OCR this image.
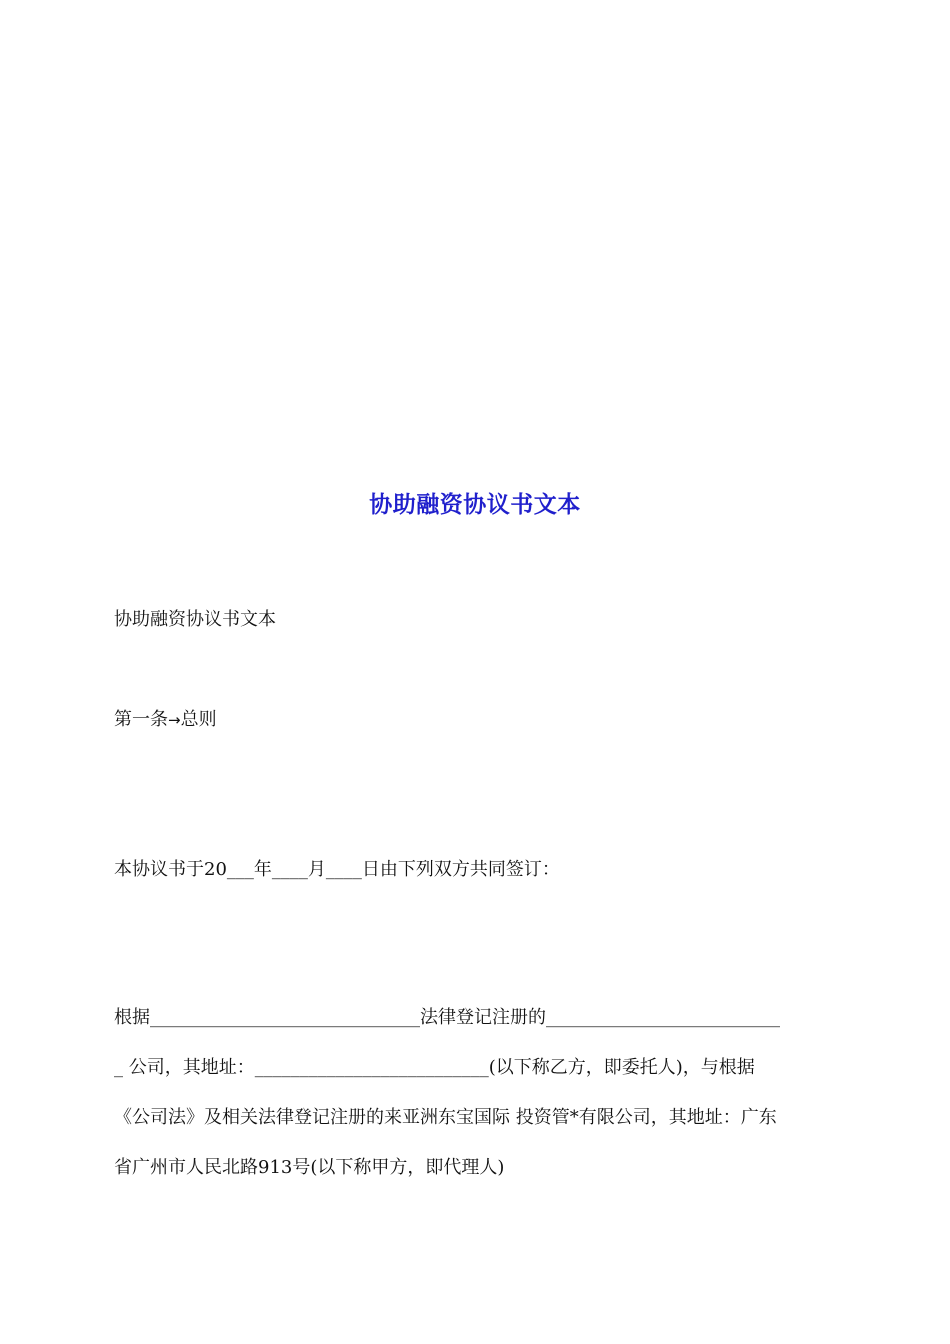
协助融资协议书文本
协助融资协议书文本
第一条→总则
本协议书于20___年____月____日由下列双方共同签订：
根据______________________________法律登记注册的__________________________
_ 公司，其地址：__________________________(以下称乙方，即委托人)，与根据
《公司法》及相关法律登记注册的来亚洲东宝国际 投资管*有限公司，其地址：广东
省广州市人民北路913号(以下称甲方，即代理人)
